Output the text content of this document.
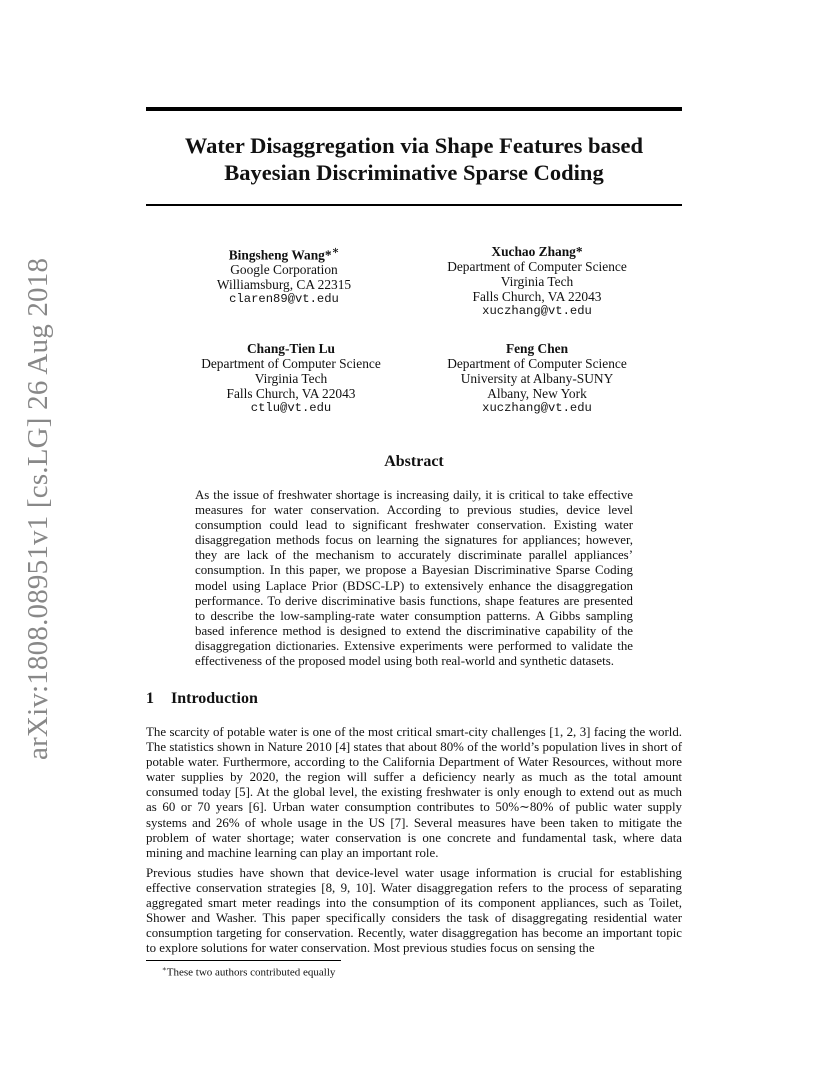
arXiv:1808.08951v1 [cs.LG] 26 Aug 2018
Water Disaggregation via Shape Features based
Bayesian Discriminative Sparse Coding
Bingsheng Wang*∗
Google Corporation
Williamsburg, CA 22315
claren89@vt.edu
Xuchao Zhang*
Department of Computer Science
Virginia Tech
Falls Church, VA 22043
xuczhang@vt.edu
Chang-Tien Lu
Department of Computer Science
Virginia Tech
Falls Church, VA 22043
ctlu@vt.edu
Feng Chen
Department of Computer Science
University at Albany-SUNY
Albany, New York
xuczhang@vt.edu
Abstract
As the issue of freshwater shortage is increasing daily, it is critical to take effective measures for water conservation. According to previous studies, device level consumption could lead to significant freshwater conservation. Existing water disaggregation methods focus on learning the signatures for appliances; however, they are lack of the mechanism to accurately discriminate parallel appliances’ consumption. In this paper, we propose a Bayesian Discriminative Sparse Coding model using Laplace Prior (BDSC-LP) to extensively enhance the disaggregation performance. To derive discriminative basis functions, shape features are presented to describe the low-sampling-rate water consumption patterns. A Gibbs sampling based inference method is designed to extend the discriminative capability of the disaggregation dictionaries. Extensive experiments were performed to validate the effectiveness of the proposed model using both real-world and synthetic datasets.
1 Introduction
The scarcity of potable water is one of the most critical smart-city challenges [1, 2, 3] facing the world. The statistics shown in Nature 2010 [4] states that about 80% of the world’s population lives in short of potable water. Furthermore, according to the California Department of Water Resources, without more water supplies by 2020, the region will suffer a deficiency nearly as much as the total amount consumed today [5]. At the global level, the existing freshwater is only enough to extend out as much as 60 or 70 years [6]. Urban water consumption contributes to 50%∼80% of public water supply systems and 26% of whole usage in the US [7]. Several measures have been taken to mitigate the problem of water shortage; water conservation is one concrete and fundamental task, where data mining and machine learning can play an important role.
Previous studies have shown that device-level water usage information is crucial for establishing effective conservation strategies [8, 9, 10]. Water disaggregation refers to the process of separating aggregated smart meter readings into the consumption of its component appliances, such as Toilet, Shower and Washer. This paper specifically considers the task of disaggregating residential water consumption targeting for conservation. Recently, water disaggregation has become an important topic to explore solutions for water conservation. Most previous studies focus on sensing the
∗These two authors contributed equally
